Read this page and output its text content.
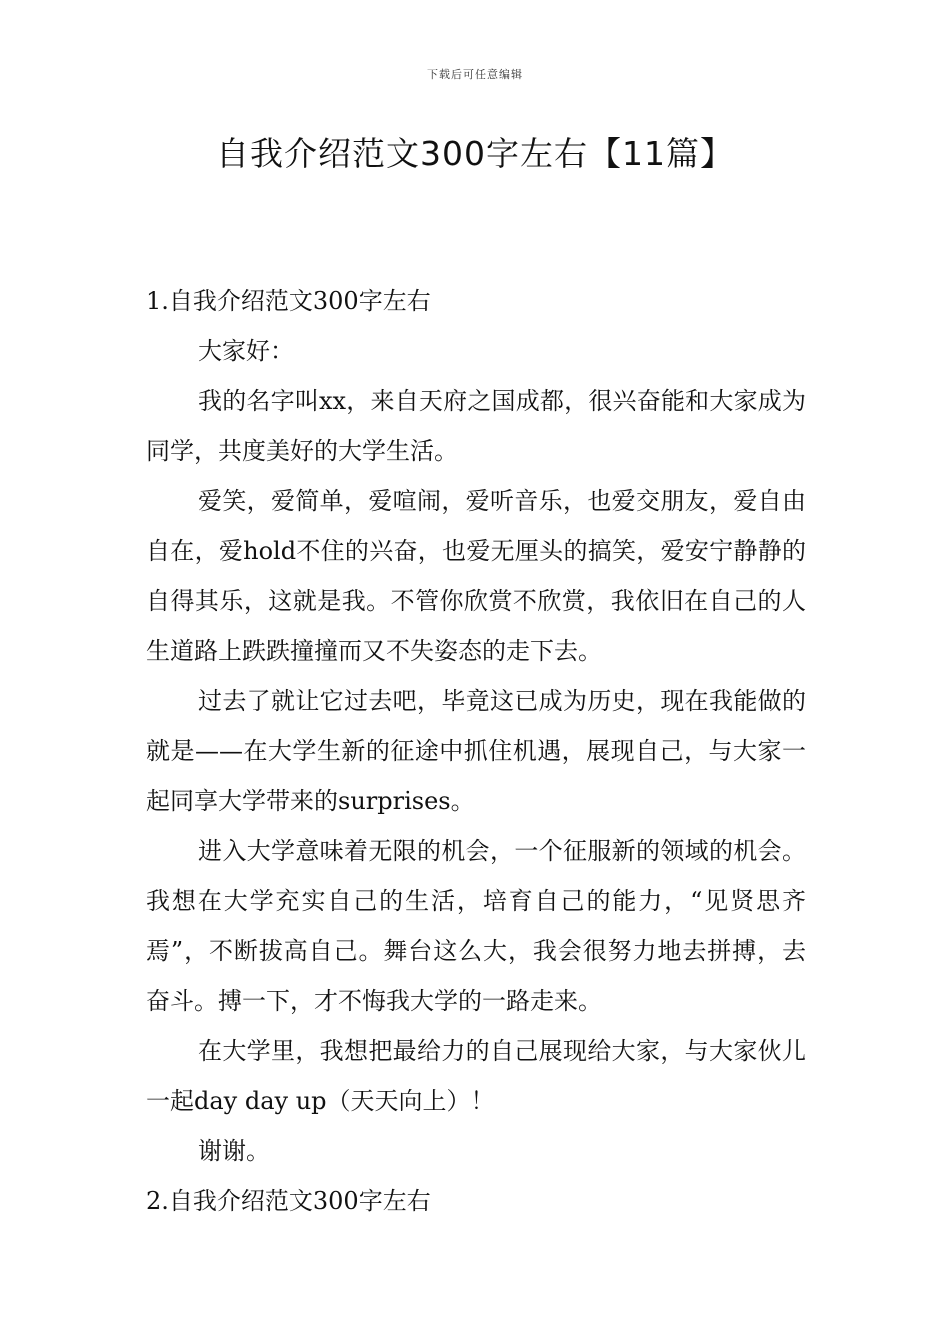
下载后可任意编辑
自我介绍范文300字左右【11篇】

1.自我介绍范文300字左右

大家好：

我的名字叫xx，来自天府之国成都，很兴奋能和大家成为同学，共度美好的大学生活。

爱笑，爱简单，爱喧闹，爱听音乐，也爱交朋友，爱自由自在，爱hold不住的兴奋，也爱无厘头的搞笑，爱安宁静静的自得其乐，这就是我。不管你欣赏不欣赏，我依旧在自己的人生道路上跌跌撞撞而又不失姿态的走下去。

过去了就让它过去吧，毕竟这已成为历史，现在我能做的就是——在大学生新的征途中抓住机遇，展现自己，与大家一起同享大学带来的surprises。

进入大学意味着无限的机会，一个征服新的领域的机会。我想在大学充实自己的生活，培育自己的能力，“见贤思齐焉”，不断拔高自己。舞台这么大，我会很努力地去拼搏，去奋斗。搏一下，才不悔我大学的一路走来。

在大学里，我想把最给力的自己展现给大家，与大家伙儿一起day day up（天天向上）！

谢谢。

2.自我介绍范文300字左右
